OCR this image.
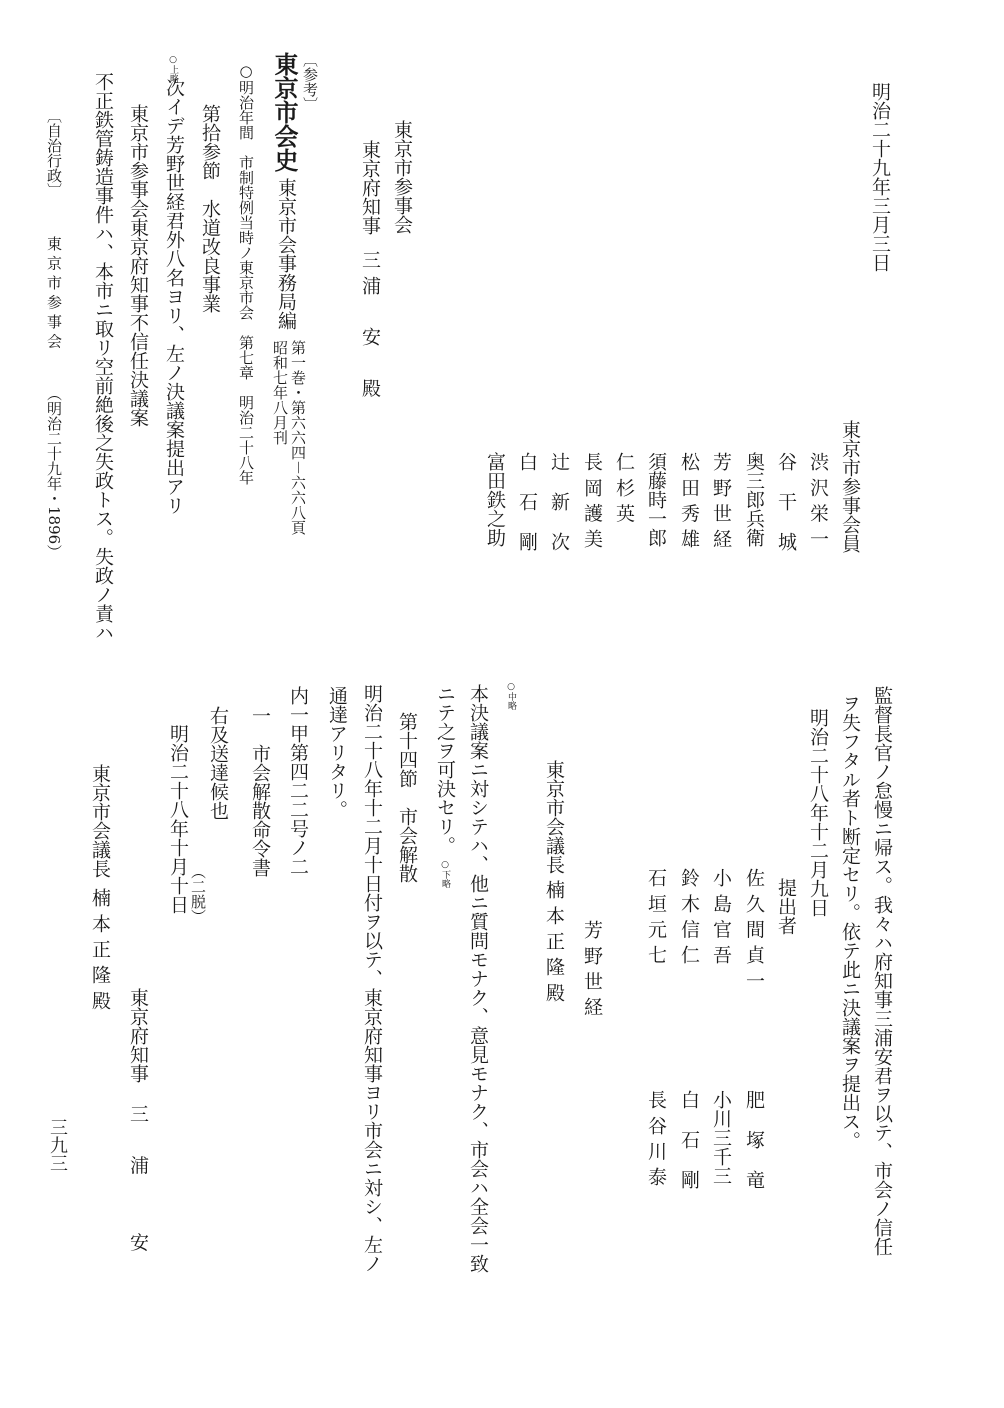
明治二十九年三月三日
東京市参事会員
渋沢栄一
谷干城
奥三郎兵衛
芳野世経
松田秀雄
須藤時一郎
仁杉英
長岡護美
辻新次
白石剛
富田鉄之助
東京市参事会
東京府知事
三浦　安　殿
〔参考〕
東京市会史
東京市会事務局編
第一巻・第六六四－六六八頁
昭和七年八月刊
○明治年間　市制特例当時ノ東京市会　第七章　明治二十八年
第拾参節　水道改良事業
○上略
次イデ芳野世経君外八名ヨリ、左ノ決議案提出アリ
東京市参事会東京府知事不信任決議案
不正鉄管鋳造事件ハ、本市ニ取リ空前絶後之失政トス。失政ノ責ハ
〔自治行政〕
東京市参事会
（明治二十九年・1896）
監督長官ノ怠慢ニ帰ス。我々ハ府知事三浦安君ヲ以テ、市会ノ信任
ヲ失フタル者ト断定セリ。依テ此ニ決議案ヲ提出ス。
明治二十八年十二月九日
提出者
佐久間貞一
小島官吾
鈴木信仁
石垣元七
芳野世経
肥塚竜
小川三千三
白石剛
長谷川泰
東京市会議長
楠本正隆殿
○中略
本決議案ニ対シテハ、他ニ質問モナク、意見モナク、市会ハ全会一致
ニテ之ヲ可決セリ。
○下略
第十四節　市会解散
明治二十八年十二月十日付ヲ以テ、東京府知事ヨリ市会ニ対シ、左ノ
通達アリタリ。
内一甲第四二二号ノ二
一　市会解散命令書
右及送達候也
明治二十八年十月十日 （二脱）
東京府知事
三　浦　　安
東京市会議長
楠本正隆殿
三九三
